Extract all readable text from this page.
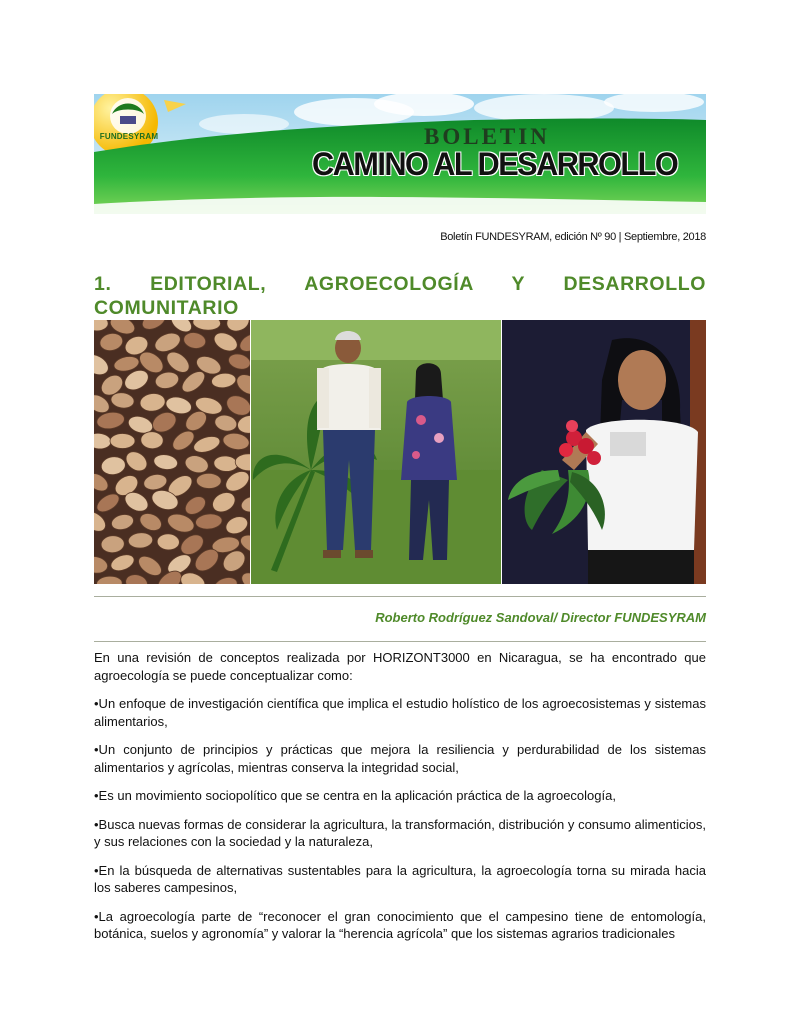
FUNDESYRAM	BOLETIN
CAMINO AL DESARROLLO
Boletín FUNDESYRAM, edición Nº 90 | Septiembre, 2018
1. EDITORIAL, AGROECOLOGÍA Y DESARROLLO COMUNITARIO
Roberto Rodríguez Sandoval/ Director FUNDESYRAM

En una revisión de conceptos realizada por HORIZONT3000 en Nicaragua, se ha encontrado que agroecología se puede conceptualizar como:

•Un enfoque de investigación científica que implica el estudio holístico de los agroecosistemas y sistemas alimentarios,

•Un conjunto de principios y prácticas que mejora la resiliencia y perdurabilidad de los sistemas alimentarios y agrícolas, mientras conserva la integridad social,

•Es un movimiento sociopolítico que se centra en la aplicación práctica de la agroecología,

•Busca nuevas formas de considerar la agricultura, la transformación, distribución y consumo alimenticios, y sus relaciones con la sociedad y la naturaleza,

•En la búsqueda de alternativas sustentables para la agricultura, la agroecología torna su mirada hacia los saberes campesinos,

•La agroecología parte de “reconocer el gran conocimiento que el campesino tiene de entomología, botánica, suelos y agronomía” y valorar la “herencia agrícola” que los sistemas agrarios tradicionales
